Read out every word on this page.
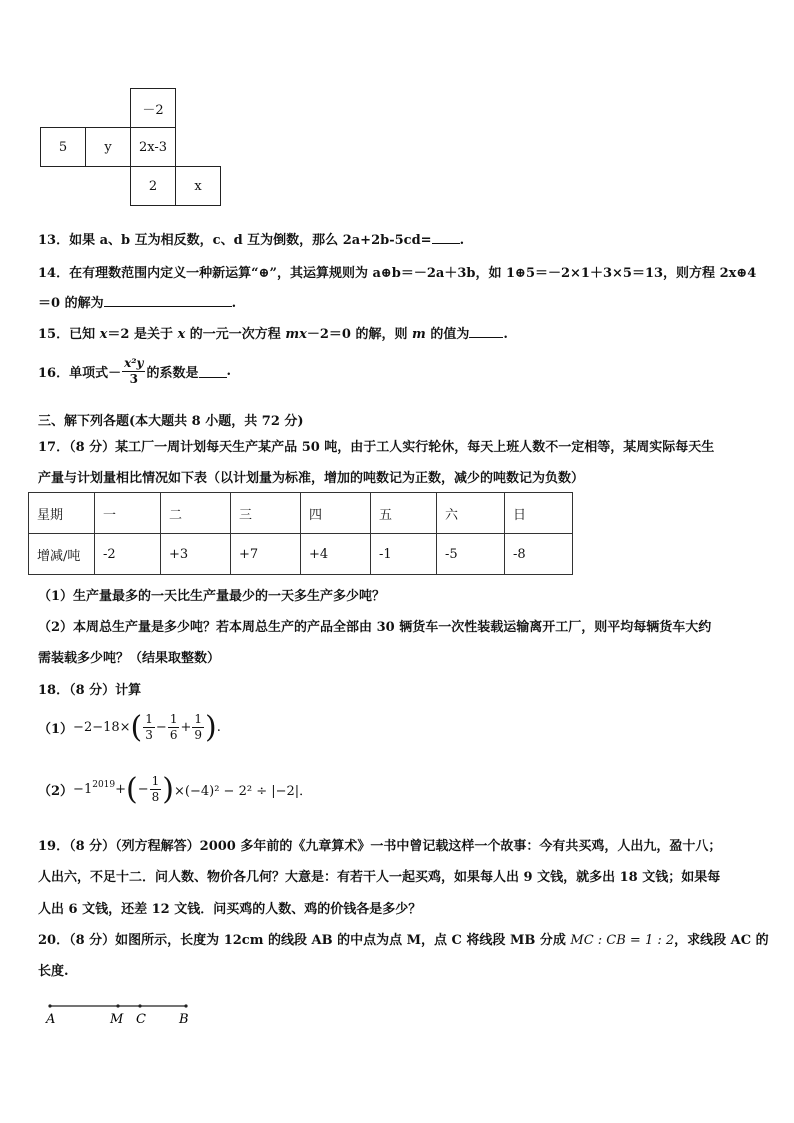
		－2	
5	y	2x-3	
		2	x
13．如果 a、b 互为相反数，c、d 互为倒数，那么 2a+2b-5cd= .
14．在有理数范围内定义一种新运算“⊕”，其运算规则为 a⊕b＝－2a＋3b，如 1⊕5＝－2×1＋3×5＝13，则方程 2x⊕4
＝0 的解为	.
15．已知 x＝2 是关于 x 的一元一次方程 mx－2＝0 的解，则 m 的值为	.
16．单项式－ $\frac{\text{x²y}}{3}$ 的系数是 .
三、解下列各题(本大题共 8 小题，共 72 分)
17．（8 分）某工厂一周计划每天生产某产品 50 吨，由于工人实行轮休，每天上班人数不一定相等，某周实际每天生
产量与计划量相比情况如下表（以计划量为标准，增加的吨数记为正数，减少的吨数记为负数）
星期	一	二	三	四	五	六	日
增减/吨	-2	+3	+7	+4	-1	-5	-8
（1）生产量最多的一天比生产量最少的一天多生产多少吨？
（2）本周总生产量是多少吨？若本周总生产的产品全部由 30 辆货车一次性装载运输离开工厂，则平均每辆货车大约
需装载多少吨？（结果取整数）
18．（8 分）计算
$(1)-2-18\times( \frac{1}{3} - \frac{1}{6} + \frac{1}{9}$ ).
$(2)-1^{2019}+(- \frac{1}{8} )\times(-4)^2 - 2^2 \div |-2|$．
19．（8 分）（列方程解答）2000 多年前的《九章算术》一书中曾记载这样一个故事：今有共买鸡，人出九，盈十八；
人出六，不足十二．问人数、物价各几何？大意是：有若干人一起买鸡，如果每人出 9 文钱，就多出 18 文钱；如果每
人出 6 文钱，还差 12 文钱．问买鸡的人数、鸡的价钱各是多少？
20．（8 分）如图所示，长度为 12cm 的线段 AB 的中点为点 M，点 C 将线段 MB 分成 MC : CB = 1 : 2，求线段 AC 的
长度.
A	M C	B
